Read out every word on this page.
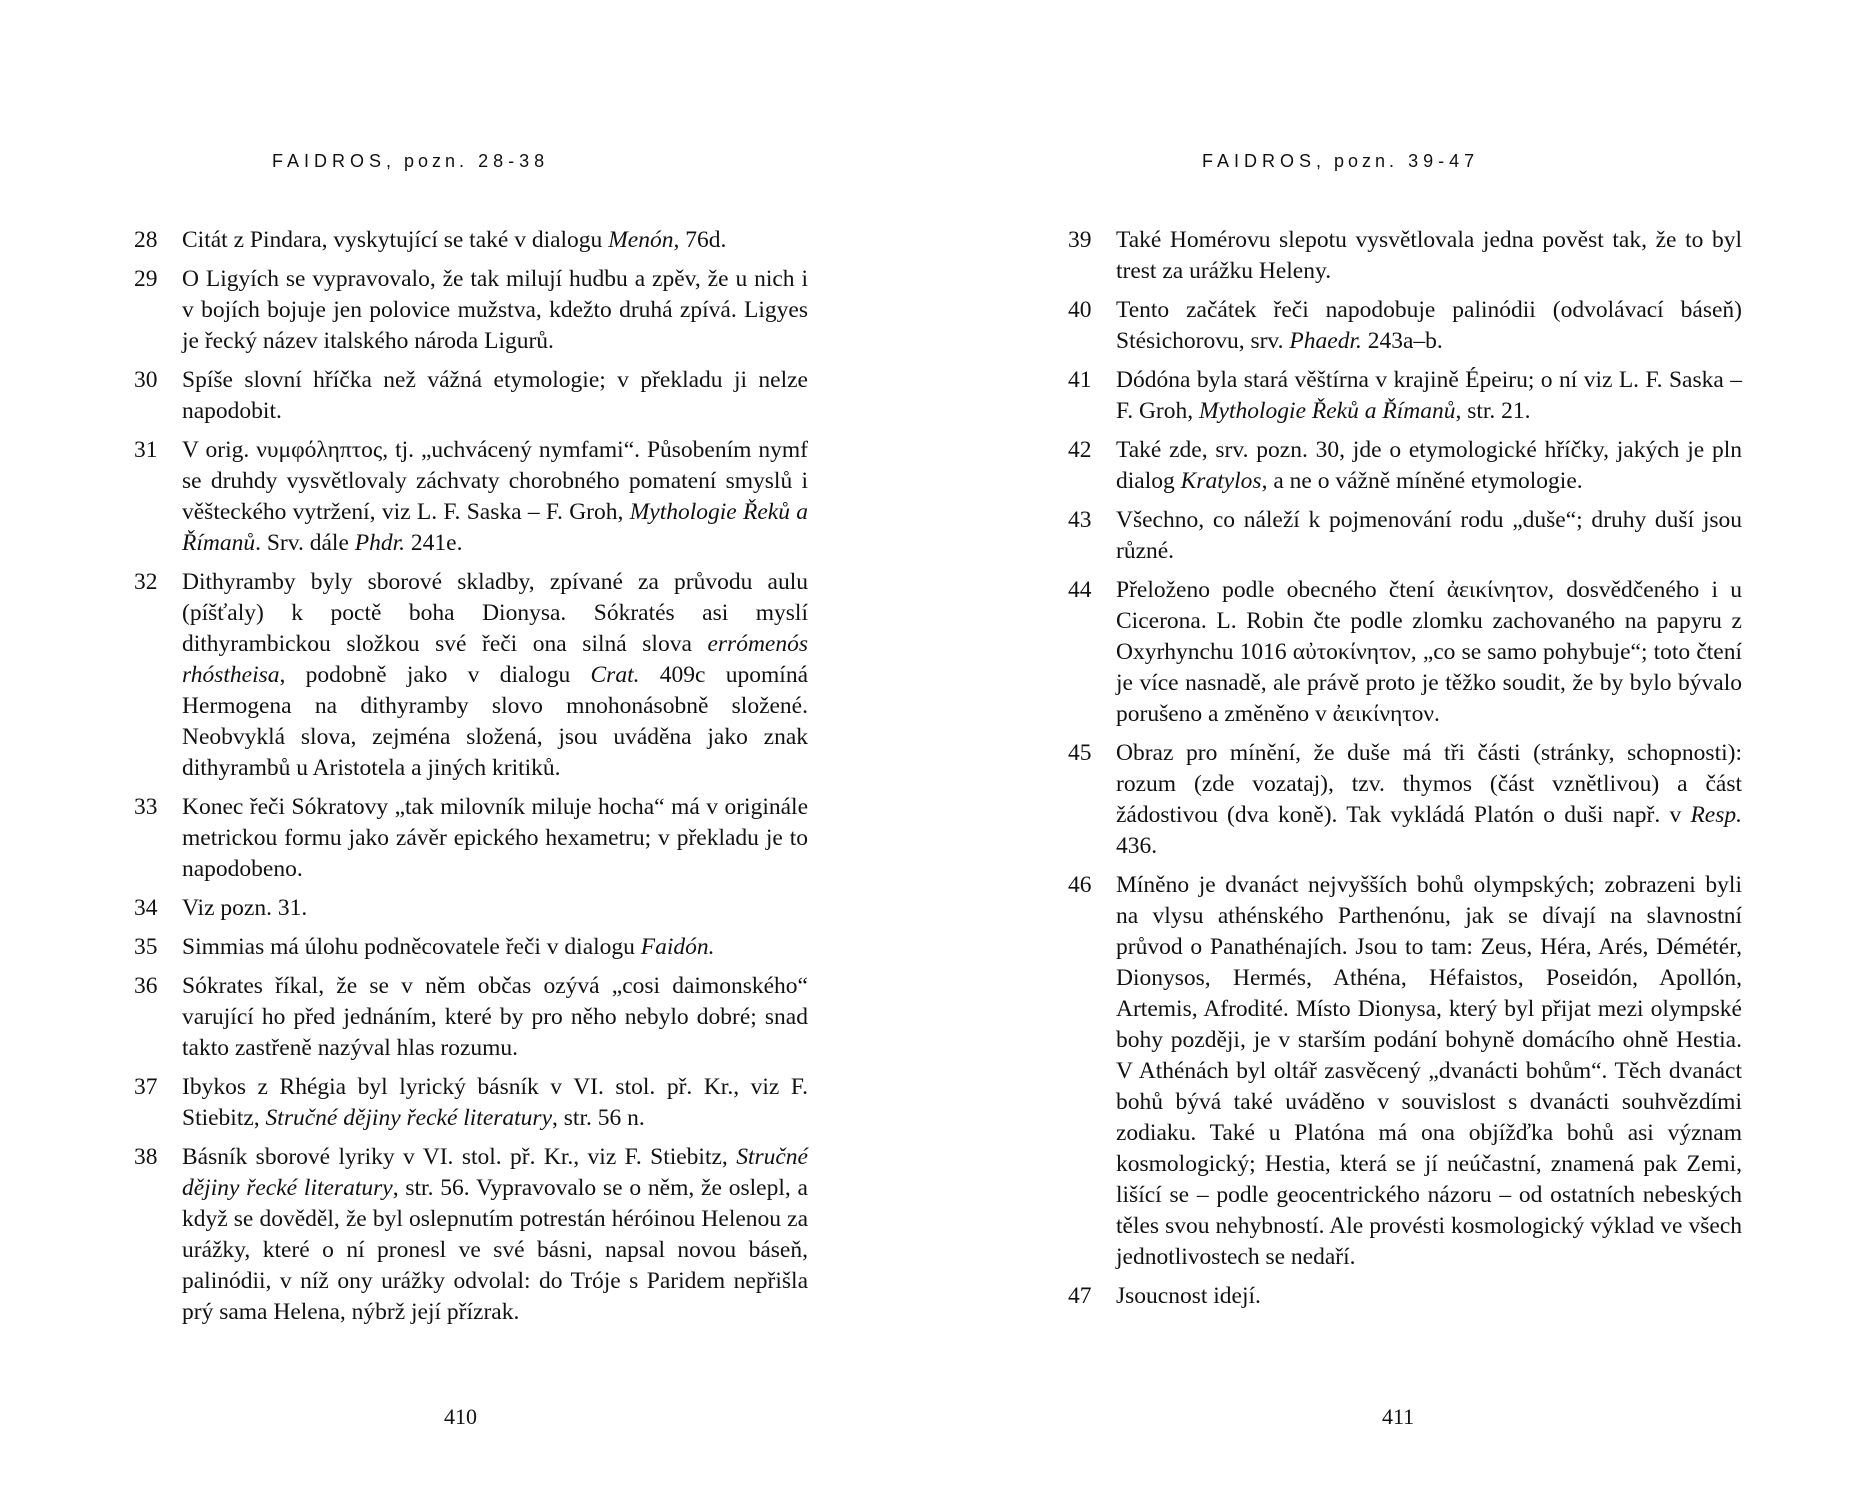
FAIDROS, pozn. 28-38
28 Citát z Pindara, vyskytující se také v dialogu Menón, 76d.
29 O Ligyích se vypravovalo, že tak milují hudbu a zpěv, že u nich i v bojích bojuje jen polovice mužstva, kdežto druhá zpívá. Ligyes je řecký název italského národa Ligurů.
30 Spíše slovní hříčka než vážná etymologie; v překladu ji nelze napodobit.
31 V orig. νυμφόληπτος, tj. „uchvácený nymfami“. Působením nymf se druhdy vysvětlovaly záchvaty chorobného pomatení smyslů i věšteckého vytržení, viz L. F. Saska – F. Groh, Mythologie Řeků a Římanů. Srv. dále Phdr. 241e.
32 Dithyramby byly sborové skladby, zpívané za průvodu aulu (píšťaly) k poctě boha Dionysa. Sókratés asi myslí dithyrambickou složkou své řeči ona silná slova errómenós rhóstheisa, podobně jako v dialogu Crat. 409c upomíná Hermogena na dithyramby slovo mnohonásobně složené. Neobvyklá slova, zejména složená, jsou uváděna jako znak dithyrambů u Aristotela a jiných kritiků.
33 Konec řeči Sókratovy „tak milovník miluje hocha“ má v originále metrickou formu jako závěr epického hexametru; v překladu je to napodobeno.
34 Viz pozn. 31.
35 Simmias má úlohu podněcovatele řeči v dialogu Faidón.
36 Sókrates říkal, že se v něm občas ozývá „cosi daimonského“ varující ho před jednáním, které by pro něho nebylo dobré; snad takto zastřeně nazýval hlas rozumu.
37 Ibykos z Rhégia byl lyrický básník v VI. stol. př. Kr., viz F. Stiebitz, Stručné dějiny řecké literatury, str. 56 n.
38 Básník sborové lyriky v VI. stol. př. Kr., viz F. Stiebitz, Stručné dějiny řecké literatury, str. 56. Vypravovalo se o něm, že oslepl, a když se dověděl, že byl oslepnutím potrestán héróinou Helenou za urážky, které o ní pronesl ve své básni, napsal novou báseň, palinódii, v níž ony urážky odvolal: do Tróje s Paridem nepřišla prý sama Helena, nýbrž její přízrak.
410
FAIDROS, pozn. 39-47
39 Také Homérovu slepotu vysvětlovala jedna pověst tak, že to byl trest za urážku Heleny.
40 Tento začátek řeči napodobuje palinódii (odvolávací báseň) Stésichorovu, srv. Phaedr. 243a–b.
41 Dódóna byla stará věštírna v krajině Épeiru; o ní viz L. F. Saska – F. Groh, Mythologie Řeků a Římanů, str. 21.
42 Také zde, srv. pozn. 30, jde o etymologické hříčky, jakých je pln dialog Kratylos, a ne o vážně míněné etymologie.
43 Všechno, co náleží k pojmenování rodu „duše“; druhy duší jsou různé.
44 Přeloženo podle obecného čtení ἀεικίνητον, dosvědčeného i u Cicerona. L. Robin čte podle zlomku zachovaného na papyru z Oxyrhynchu 1016 αὐτοκίνητον, „co se samo pohybuje“; toto čtení je více nasnadě, ale právě proto je těžko soudit, že by bylo bývalo porušeno a změněno v ἀεικίνητον.
45 Obraz pro mínění, že duše má tři části (stránky, schopnosti): rozum (zde vozataj), tzv. thymos (část vznětlivou) a část žádostivou (dva koně). Tak vykládá Platón o duši např. v Resp. 436.
46 Míněno je dvanáct nejvyšších bohů olympských; zobrazeni byli na vlysu athénského Parthenónu, jak se dívají na slavnostní průvod o Panathénajích. Jsou to tam: Zeus, Héra, Arés, Démétér, Dionysos, Hermés, Athéna, Héfaistos, Poseidón, Apollón, Artemis, Afrodité. Místo Dionysa, který byl přijat mezi olympské bohy později, je v starším podání bohyně domácího ohně Hestia. V Athénách byl oltář zasvěcený „dvanácti bohům“. Těch dvanáct bohů bývá také uváděno v souvislost s dvanácti souhvězdími zodiaku. Také u Platóna má ona objížďka bohů asi význam kosmologický; Hestia, která se jí neúčastní, znamená pak Zemi, lišící se – podle geocentrického názoru – od ostatních nebeských těles svou nehybností. Ale provésti kosmologický výklad ve všech jednotlivostech se nedaří.
47 Jsoucnost idejí.
411
